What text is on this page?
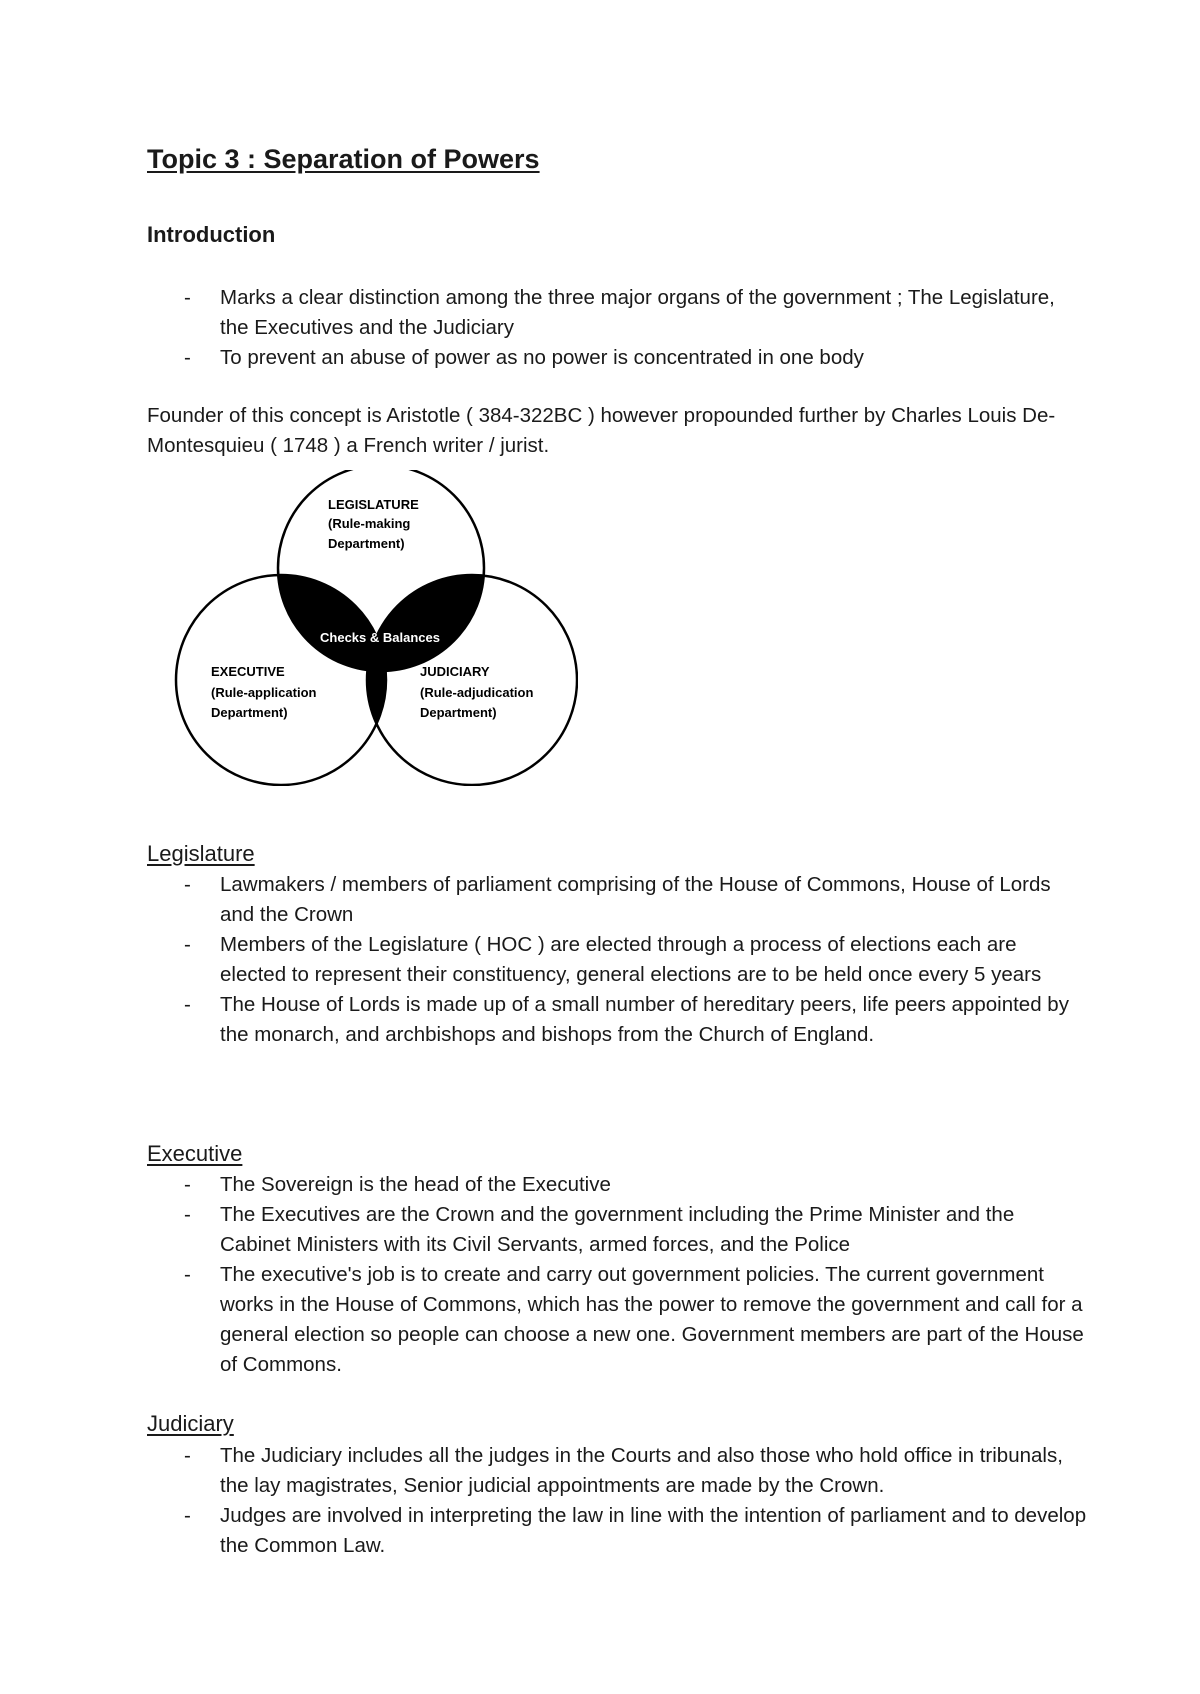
Topic 3 : Separation of Powers
Introduction
- Marks a clear distinction among the three major organs of the government ; The Legislature, the Executives and the Judiciary
- To prevent an abuse of power as no power is concentrated in one body

Founder of this concept is Aristotle ( 384-322BC ) however propounded further by Charles Louis De-Montesquieu ( 1748 ) a French writer / jurist.

LEGISLATURE
(Rule-making
Department)
Checks & Balances
EXECUTIVE
(Rule-application
Department)
JUDICIARY
(Rule-adjudication
Department)
Legislature
- Lawmakers / members of parliament comprising of the House of Commons, House of Lords and the Crown
- Members of the Legislature ( HOC ) are elected through a process of elections each are elected to represent their constituency, general elections are to be held once every 5 years
- The House of Lords is made up of a small number of hereditary peers, life peers appointed by the monarch, and archbishops and bishops from the Church of England.
Executive
- The Sovereign is the head of the Executive
- The Executives are the Crown and the government including the Prime Minister and the Cabinet Ministers with its Civil Servants, armed forces, and the Police
- The executive's job is to create and carry out government policies. The current government works in the House of Commons, which has the power to remove the government and call for a general election so people can choose a new one. Government members are part of the House of Commons.
Judiciary
- The Judiciary includes all the judges in the Courts and also those who hold office in tribunals, the lay magistrates, Senior judicial appointments are made by the Crown.
- Judges are involved in interpreting the law in line with the intention of parliament and to develop the Common Law.
